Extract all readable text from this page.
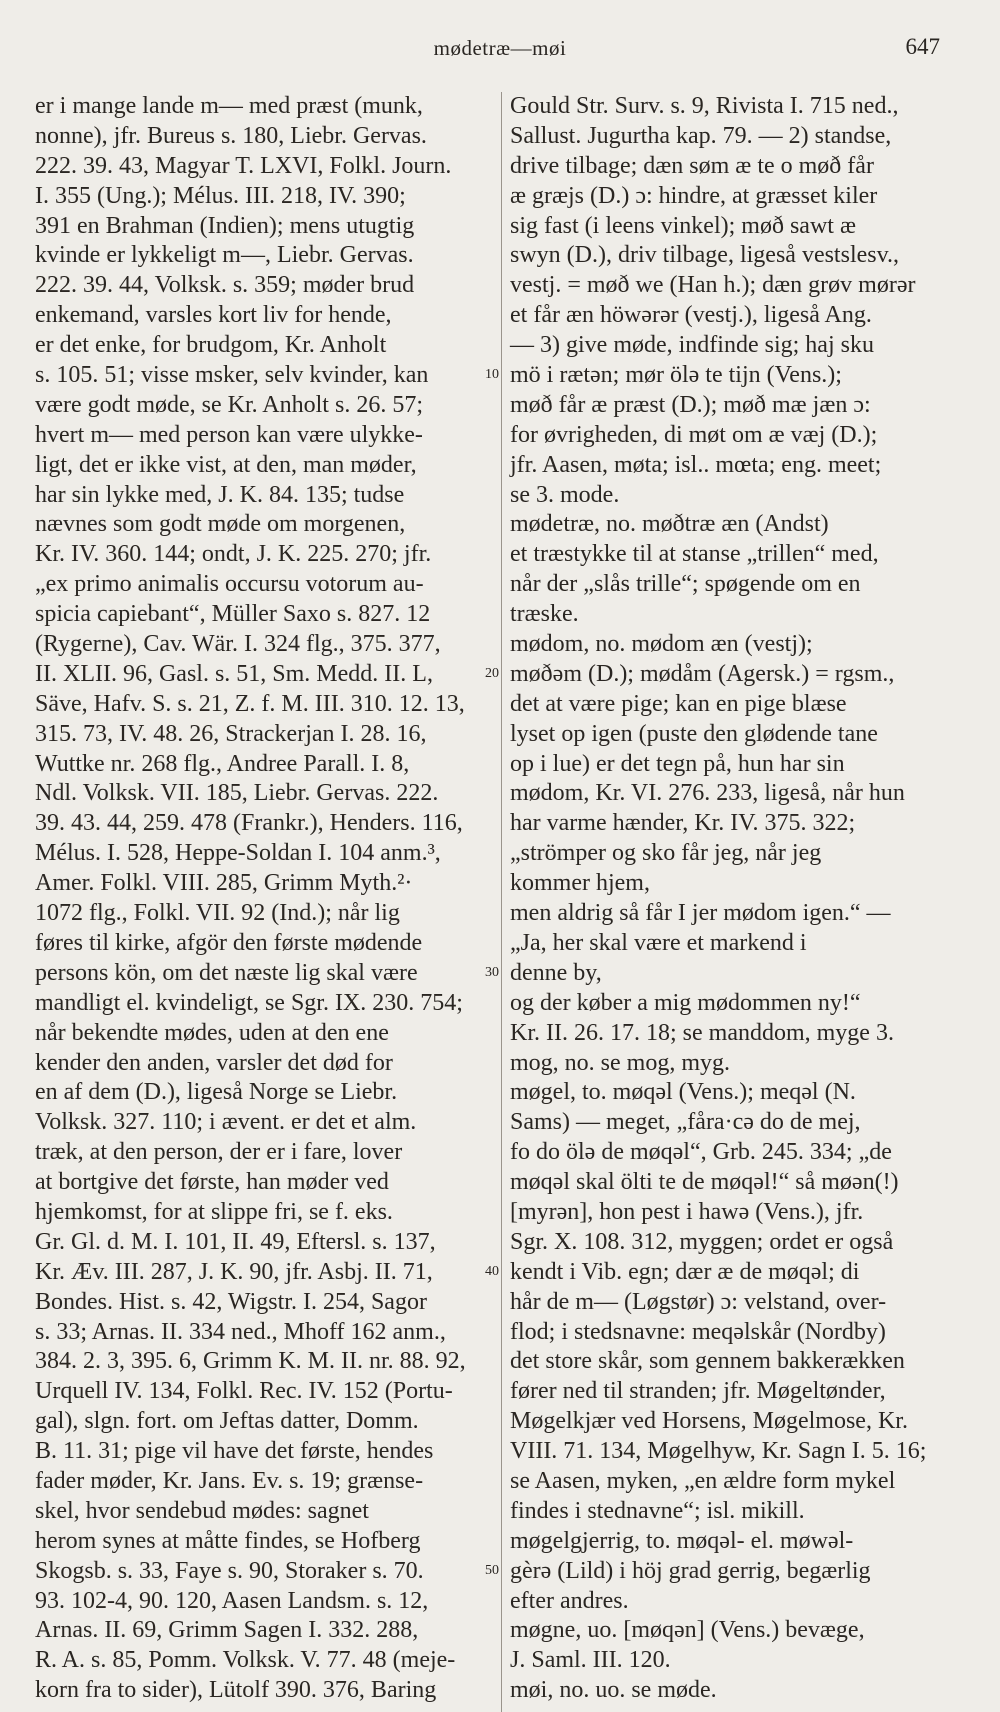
mødetræ—møi	647
er i mange lande m— med præst (munk,
nonne), jfr. Bureus s. 180, Liebr. Gervas.
222. 39. 43, Magyar T. LXVI, Folkl. Journ.
I. 355 (Ung.); Mélus. III. 218, IV. 390;
391 en Brahman (Indien); mens utugtig
kvinde er lykkeligt m—, Liebr. Gervas.
222. 39. 44, Volksk. s. 359; møder brud
enkemand, varsles kort liv for hende,
er det enke, for brudgom, Kr. Anholt
s. 105. 51; visse msker, selv kvinder, kan
være godt møde, se Kr. Anholt s. 26. 57;
hvert m— med person kan være ulykke-
ligt, det er ikke vist, at den, man møder,
har sin lykke med, J. K. 84. 135; tudse
nævnes som godt møde om morgenen,
Kr. IV. 360. 144; ondt, J. K. 225. 270; jfr.
„ex primo animalis occursu votorum au-
spicia capiebant“, Müller Saxo s. 827. 12
(Rygerne), Cav. Wär. I. 324 flg., 375. 377,
II. XLII. 96, Gasl. s. 51, Sm. Medd. II. L,
Säve, Hafv. S. s. 21, Z. f. M. III. 310. 12. 13,
315. 73, IV. 48. 26, Strackerjan I. 28. 16,
Wuttke nr. 268 flg., Andree Parall. I. 8,
Ndl. Volksk. VII. 185, Liebr. Gervas. 222.
39. 43. 44, 259. 478 (Frankr.), Henders. 116,
Mélus. I. 528, Heppe-Soldan I. 104 anm.³,
Amer. Folkl. VIII. 285, Grimm Myth.²·
1072 flg., Folkl. VII. 92 (Ind.); når lig
føres til kirke, afgör den første mødende
persons kön, om det næste lig skal være
mandligt el. kvindeligt, se Sgr. IX. 230. 754;
når bekendte mødes, uden at den ene
kender den anden, varsler det død for
en af dem (D.), ligeså Norge se Liebr.
Volksk. 327. 110; i ævent. er det et alm.
træk, at den person, der er i fare, lover
at bortgive det første, han møder ved
hjemkomst, for at slippe fri, se f. eks.
Gr. Gl. d. M. I. 101, II. 49, Eftersl. s. 137,
Kr. Æv. III. 287, J. K. 90, jfr. Asbj. II. 71,
Bondes. Hist. s. 42, Wigstr. I. 254, Sagor
s. 33; Arnas. II. 334 ned., Mhoff 162 anm.,
384. 2. 3, 395. 6, Grimm K. M. II. nr. 88. 92,
Urquell IV. 134, Folkl. Rec. IV. 152 (Portu-
gal), slgn. fort. om Jeftas datter, Domm.
B. 11. 31; pige vil have det første, hendes
fader møder, Kr. Jans. Ev. s. 19; grænse-
skel, hvor sendebud mødes: sagnet
herom synes at måtte findes, se Hofberg
Skogsb. s. 33, Faye s. 90, Storaker s. 70.
93. 102-4, 90. 120, Aasen Landsm. s. 12,
Arnas. II. 69, Grimm Sagen I. 332. 288,
R. A. s. 85, Pomm. Volksk. V. 77. 48 (meje-
korn fra to sider), Lütolf 390. 376, Baring
10
20
30
40
50
Gould Str. Surv. s. 9, Rivista I. 715 ned.,
Sallust. Jugurtha kap. 79. — 2) standse,
drive tilbage; dæn søm æ te o møð får
æ græjs (D.) ɔ: hindre, at græsset kiler
sig fast (i leens vinkel); møð sawt æ
swyn (D.), driv tilbage, ligeså vestslesv.,
vestj. = møð we (Han h.); dæn grøv mørər
et får æn höwərər (vestj.), ligeså Ang.
— 3) give møde, indfinde sig; haj sku
mö i rætən; mør ölə te tijn (Vens.);
møð får æ præst (D.); møð mæ jæn ɔ:
for øvrigheden, di møt om æ væj (D.);
jfr. Aasen, møta; isl.. mœta; eng. meet;
se 3. mode.
mødetræ, no. møðtræ æn (Andst)
et træstykke til at stanse „trillen“ med,
når der „slås trille“; spøgende om en
træske.
mødom, no. mødom æn (vestj);
møðəm (D.); mødåm (Agersk.) = rgsm.,
det at være pige; kan en pige blæse
lyset op igen (puste den glødende tane
op i lue) er det tegn på, hun har sin
mødom, Kr. VI. 276. 233, ligeså, når hun
har varme hænder, Kr. IV. 375. 322;
„strömper og sko får jeg, når jeg
kommer hjem,
men aldrig så får I jer mødom igen.“ —
„Ja, her skal være et markend i
denne by,
og der køber a mig mødommen ny!“
Kr. II. 26. 17. 18; se manddom, myge 3.
mog, no. se mog, myg.
møgel, to. møqəl (Vens.); meqəl (N.
Sams) — meget, „fåra·cə do de mej,
fo do ölə de møqəl“, Grb. 245. 334; „de
møqəl skal ölti te de møqəl!“ så møən(!)
[myrən], hon pest i hawə (Vens.), jfr.
Sgr. X. 108. 312, myggen; ordet er også
kendt i Vib. egn; dær æ de møqəl; di
hår de m— (Løgstør) ɔ: velstand, over-
flod; i stedsnavne: meqəlskår (Nordby)
det store skår, som gennem bakkerækken
fører ned til stranden; jfr. Møgeltønder,
Møgelkjær ved Horsens, Møgelmose, Kr.
VIII. 71. 134, Møgelhyw, Kr. Sagn I. 5. 16;
se Aasen, myken, „en ældre form mykel
findes i stednavne“; isl. mikill.
møgelgjerrig, to. møqəl- el. møwəl-
gèrə (Lild) i höj grad gerrig, begærlig
efter andres.
møgne, uo. [møqən] (Vens.) bevæge,
J. Saml. III. 120.
møi, no. uo. se møde.
